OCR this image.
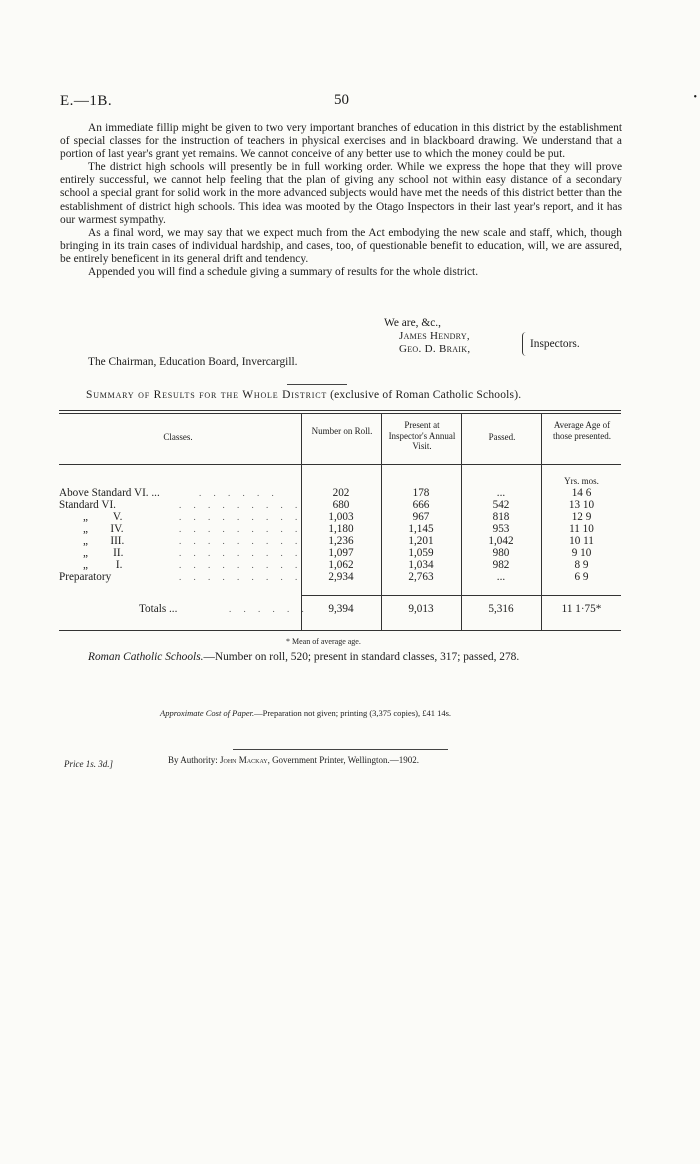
E.—1B.	50	•

An immediate fillip might be given to two very important branches of education in this district by the establishment of special classes for the instruction of teachers in physical exercises and in blackboard drawing. We understand that a portion of last year's grant yet remains. We cannot conceive of any better use to which the money could be put.

The district high schools will presently be in full working order. While we express the hope that they will prove entirely successful, we cannot help feeling that the plan of giving any school not within easy distance of a secondary school a special grant for solid work in the more advanced subjects would have met the needs of this district better than the establishment of district high schools. This idea was mooted by the Otago Inspectors in their last year's report, and it has our warmest sympathy.

As a final word, we may say that we expect much from the Act embodying the new scale and staff, which, though bringing in its train cases of individual hardship, and cases, too, of questionable benefit to education, will, we are assured, be entirely beneficent in its general drift and tendency.

Appended you will find a schedule giving a summary of results for the whole district.

We are, &c.,
James Hendry,
Geo. D. Braik,	Inspectors.
The Chairman, Education Board, Invercargill.
Summary of Results for the Whole District (exclusive of Roman Catholic Schools).
Classes.
Number on Roll.
Present at Inspector's Annual Visit.
Passed.
Average Age of those presented.
Yrs. mos.
Above Standard VI. ...	. . . . . .	202	178	...	14 6
Standard VI.	. . . . . . . . .	680	666	542	13 10
„         V.	. . . . . . . . .	1,003	967	818	12 9
„        IV.	. . . . . . . . .	1,180	1,145	953	11 10
„        III.	. . . . . . . . .	1,236	1,201	1,042	10 11
„         II.	. . . . . . . . .	1,097	1,059	980	9 10
„          I.	. . . . . . . . .	1,062	1,034	982	8 9
Preparatory	. . . . . . . . .	2,934	2,763	...	6 9
Totals ...	. . . . . .	9,394	9,013	5,316	11 1·75*
* Mean of average age.
Roman Catholic Schools.—Number on roll, 520; present in standard classes, 317; passed, 278.
Approximate Cost of Paper.—Preparation not given; printing (3,375 copies), £41 14s.
Price 1s. 3d.]	By Authority: John Mackay, Government Printer, Wellington.—1902.
